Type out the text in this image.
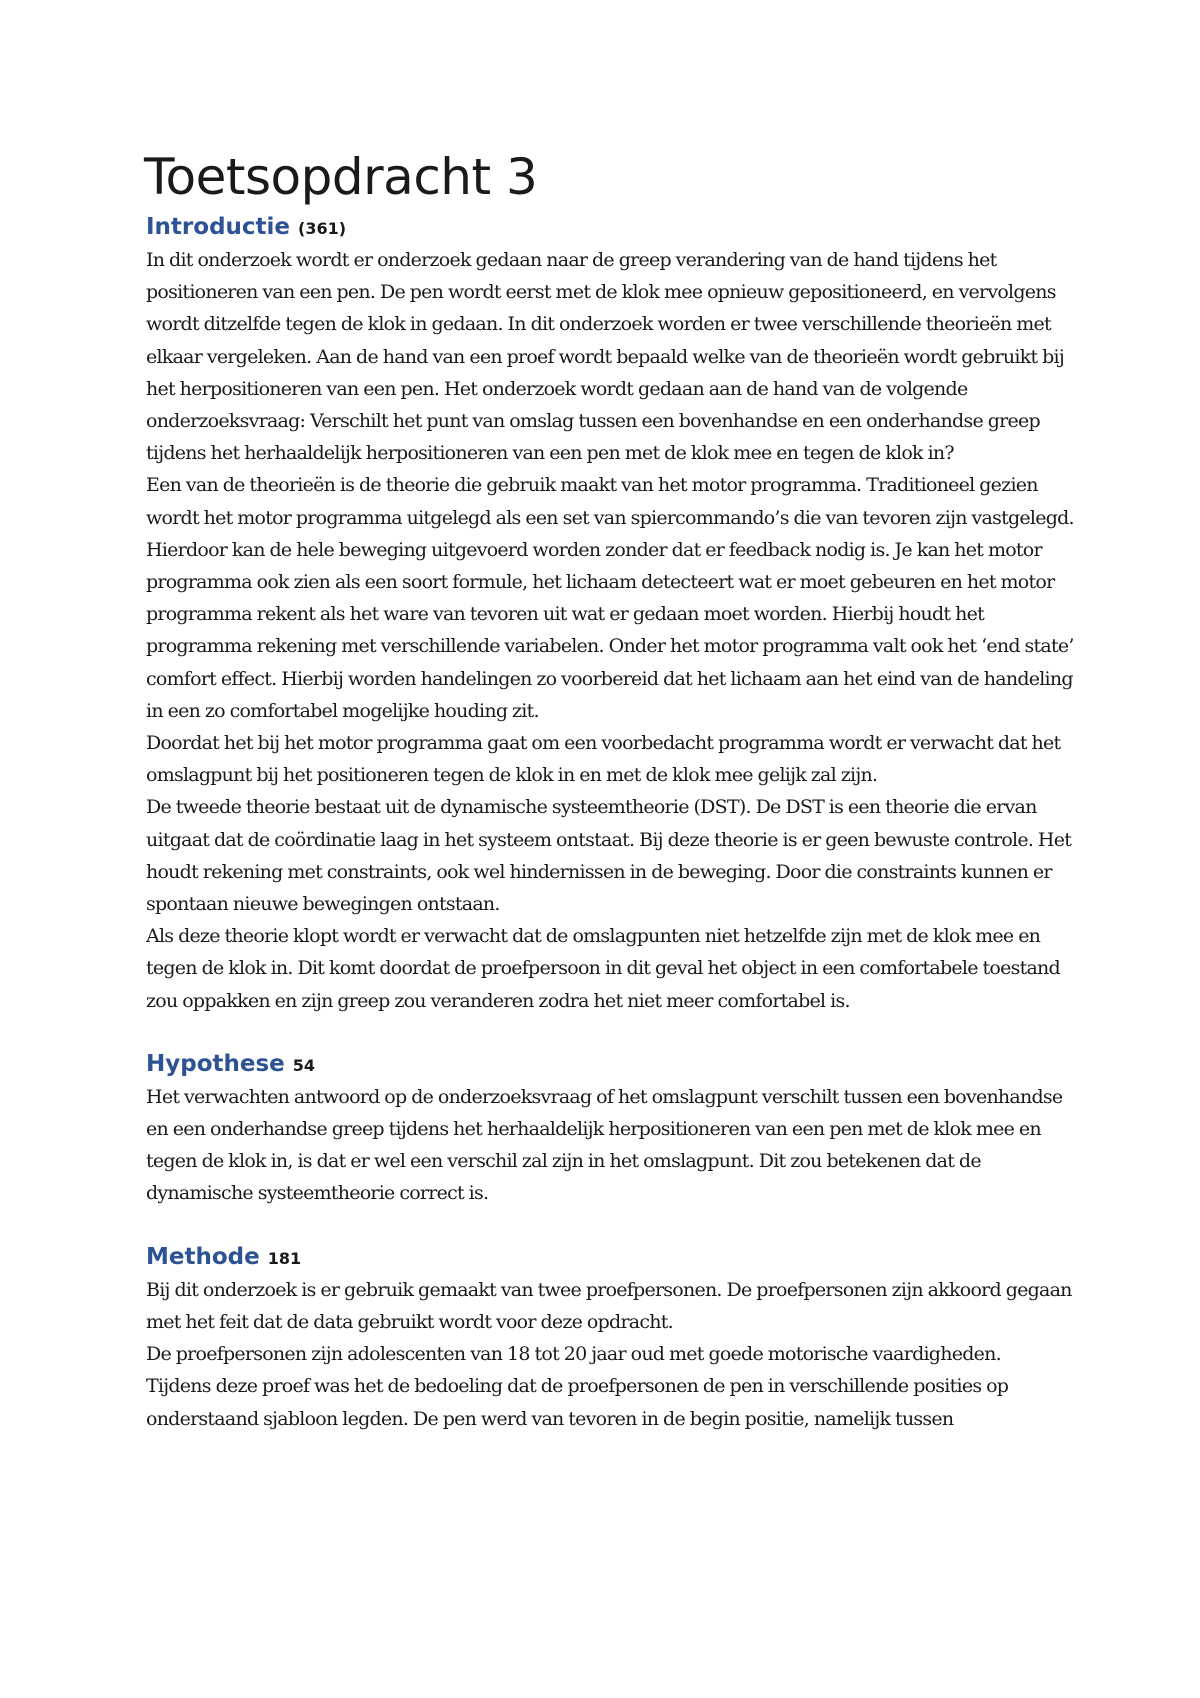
Toetsopdracht 3
Introductie (361)

In dit onderzoek wordt er onderzoek gedaan naar de greep verandering van de hand tijdens het positioneren van een pen. De pen wordt eerst met de klok mee opnieuw gepositioneerd, en vervolgens wordt ditzelfde tegen de klok in gedaan. In dit onderzoek worden er twee verschillende theorieën met elkaar vergeleken. Aan de hand van een proef wordt bepaald welke van de theorieën wordt gebruikt bij het herpositioneren van een pen. Het onderzoek wordt gedaan aan de hand van de volgende onderzoeksvraag: Verschilt het punt van omslag tussen een bovenhandse en een onderhandse greep tijdens het herhaaldelijk herpositioneren van een pen met de klok mee en tegen de klok in?

Een van de theorieën is de theorie die gebruik maakt van het motor programma. Traditioneel gezien wordt het motor programma uitgelegd als een set van spiercommando’s die van tevoren zijn vastgelegd. Hierdoor kan de hele beweging uitgevoerd worden zonder dat er feedback nodig is. Je kan het motor programma ook zien als een soort formule, het lichaam detecteert wat er moet gebeuren en het motor programma rekent als het ware van tevoren uit wat er gedaan moet worden. Hierbij houdt het programma rekening met verschillende variabelen. Onder het motor programma valt ook het ‘end state’ comfort effect. Hierbij worden handelingen zo voorbereid dat het lichaam aan het eind van de handeling in een zo comfortabel mogelijke houding zit.

Doordat het bij het motor programma gaat om een voorbedacht programma wordt er verwacht dat het omslagpunt bij het positioneren tegen de klok in en met de klok mee gelijk zal zijn.

De tweede theorie bestaat uit de dynamische systeemtheorie (DST). De DST is een theorie die ervan uitgaat dat de coördinatie laag in het systeem ontstaat. Bij deze theorie is er geen bewuste controle. Het houdt rekening met constraints, ook wel hindernissen in de beweging. Door die constraints kunnen er spontaan nieuwe bewegingen ontstaan.

Als deze theorie klopt wordt er verwacht dat de omslagpunten niet hetzelfde zijn met de klok mee en tegen de klok in. Dit komt doordat de proefpersoon in dit geval het object in een comfortabele toestand zou oppakken en zijn greep zou veranderen zodra het niet meer comfortabel is.

Hypothese 54

Het verwachten antwoord op de onderzoeksvraag of het omslagpunt verschilt tussen een bovenhandse en een onderhandse greep tijdens het herhaaldelijk herpositioneren van een pen met de klok mee en tegen de klok in, is dat er wel een verschil zal zijn in het omslagpunt. Dit zou betekenen dat de dynamische systeemtheorie correct is.

Methode 181

Bij dit onderzoek is er gebruik gemaakt van twee proefpersonen. De proefpersonen zijn akkoord gegaan met het feit dat de data gebruikt wordt voor deze opdracht.

De proefpersonen zijn adolescenten van 18 tot 20 jaar oud met goede motorische vaardigheden.

Tijdens deze proef was het de bedoeling dat de proefpersonen de pen in verschillende posities op onderstaand sjabloon legden. De pen werd van tevoren in de begin positie, namelijk tussen
